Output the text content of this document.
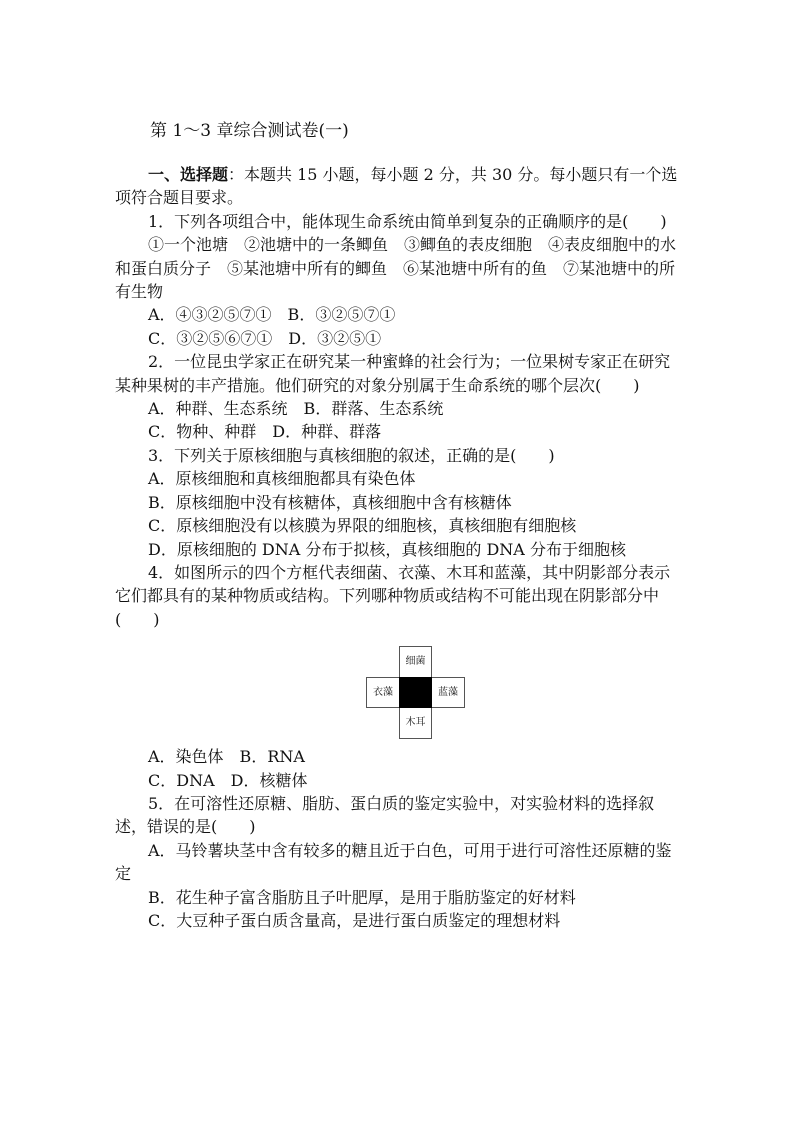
第 1～3 章综合测试卷(一)

一、选择题：本题共 15 小题，每小题 2 分，共 30 分。每小题只有一个选项符合题目要求。

1．下列各项组合中，能体现生命系统由简单到复杂的正确顺序的是(　　)

①一个池塘　②池塘中的一条鲫鱼　③鲫鱼的表皮细胞　④表皮细胞中的水和蛋白质分子　⑤某池塘中所有的鲫鱼　⑥某池塘中所有的鱼　⑦某池塘中的所有生物

A．④③②⑤⑦①　B．③②⑤⑦①

C．③②⑤⑥⑦①　D．③②⑤①

2．一位昆虫学家正在研究某一种蜜蜂的社会行为；一位果树专家正在研究某种果树的丰产措施。他们研究的对象分别属于生命系统的哪个层次(　　)

A．种群、生态系统　B．群落、生态系统

C．物种、种群　D．种群、群落

3．下列关于原核细胞与真核细胞的叙述，正确的是(　　)

A．原核细胞和真核细胞都具有染色体

B．原核细胞中没有核糖体，真核细胞中含有核糖体

C．原核细胞没有以核膜为界限的细胞核，真核细胞有细胞核

D．原核细胞的 DNA 分布于拟核，真核细胞的 DNA 分布于细胞核

4．如图所示的四个方框代表细菌、衣藻、木耳和蓝藻，其中阴影部分表示它们都具有的某种物质或结构。下列哪种物质或结构不可能出现在阴影部分中(　　)

细菌
衣藻	蓝藻
木耳

A．染色体　B．RNA

C．DNA　D．核糖体

5．在可溶性还原糖、脂肪、蛋白质的鉴定实验中，对实验材料的选择叙述，错误的是(　　)

A．马铃薯块茎中含有较多的糖且近于白色，可用于进行可溶性还原糖的鉴定

B．花生种子富含脂肪且子叶肥厚，是用于脂肪鉴定的好材料

C．大豆种子蛋白质含量高，是进行蛋白质鉴定的理想材料
